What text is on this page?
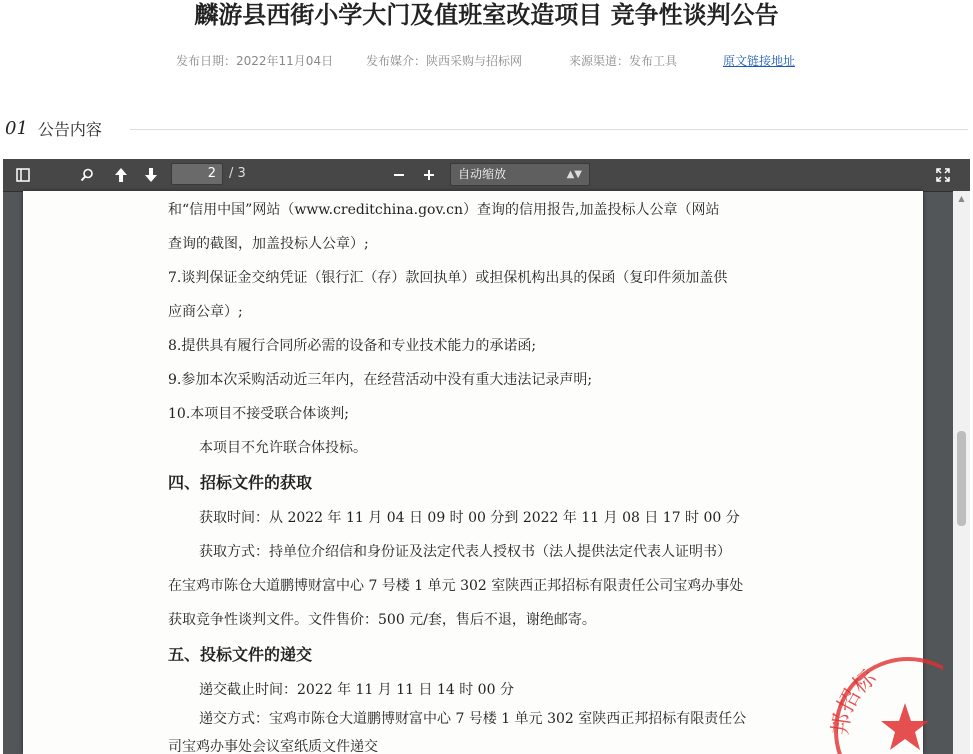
麟游县西街小学大门及值班室改造项目 竞争性谈判公告
发布日期：2022年11月04日	发布媒介：陕西采购与招标网	来源渠道：发布工具	原文链接地址
01 公告内容
2	/ 3	自动缩放	▲▼
和“信用中国”网站（www.creditchina.gov.cn）查询的信用报告,加盖投标人公章（网站
查询的截图，加盖投标人公章）;
7.谈判保证金交纳凭证（银行汇（存）款回执单）或担保机构出具的保函（复印件须加盖供
应商公章）;
8.提供具有履行合同所必需的设备和专业技术能力的承诺函;
9.参加本次采购活动近三年内，在经营活动中没有重大违法记录声明;
10.本项目不接受联合体谈判;
本项目不允许联合体投标。
四、招标文件的获取
获取时间：从 2022 年 11 月 04 日 09 时 00 分到 2022 年 11 月 08 日 17 时 00 分
获取方式：持单位介绍信和身份证及法定代表人授权书（法人提供法定代表人证明书）
在宝鸡市陈仓大道鹏博财富中心 7 号楼 1 单元 302 室陕西正邦招标有限责任公司宝鸡办事处
获取竞争性谈判文件。文件售价：500 元/套，售后不退，谢绝邮寄。
五、投标文件的递交
递交截止时间：2022 年 11 月 11 日 14 时 00 分
递交方式：宝鸡市陈仓大道鹏博财富中心 7 号楼 1 单元 302 室陕西正邦招标有限责任公
司宝鸡办事处会议室纸质文件递交
邦招标
▲
